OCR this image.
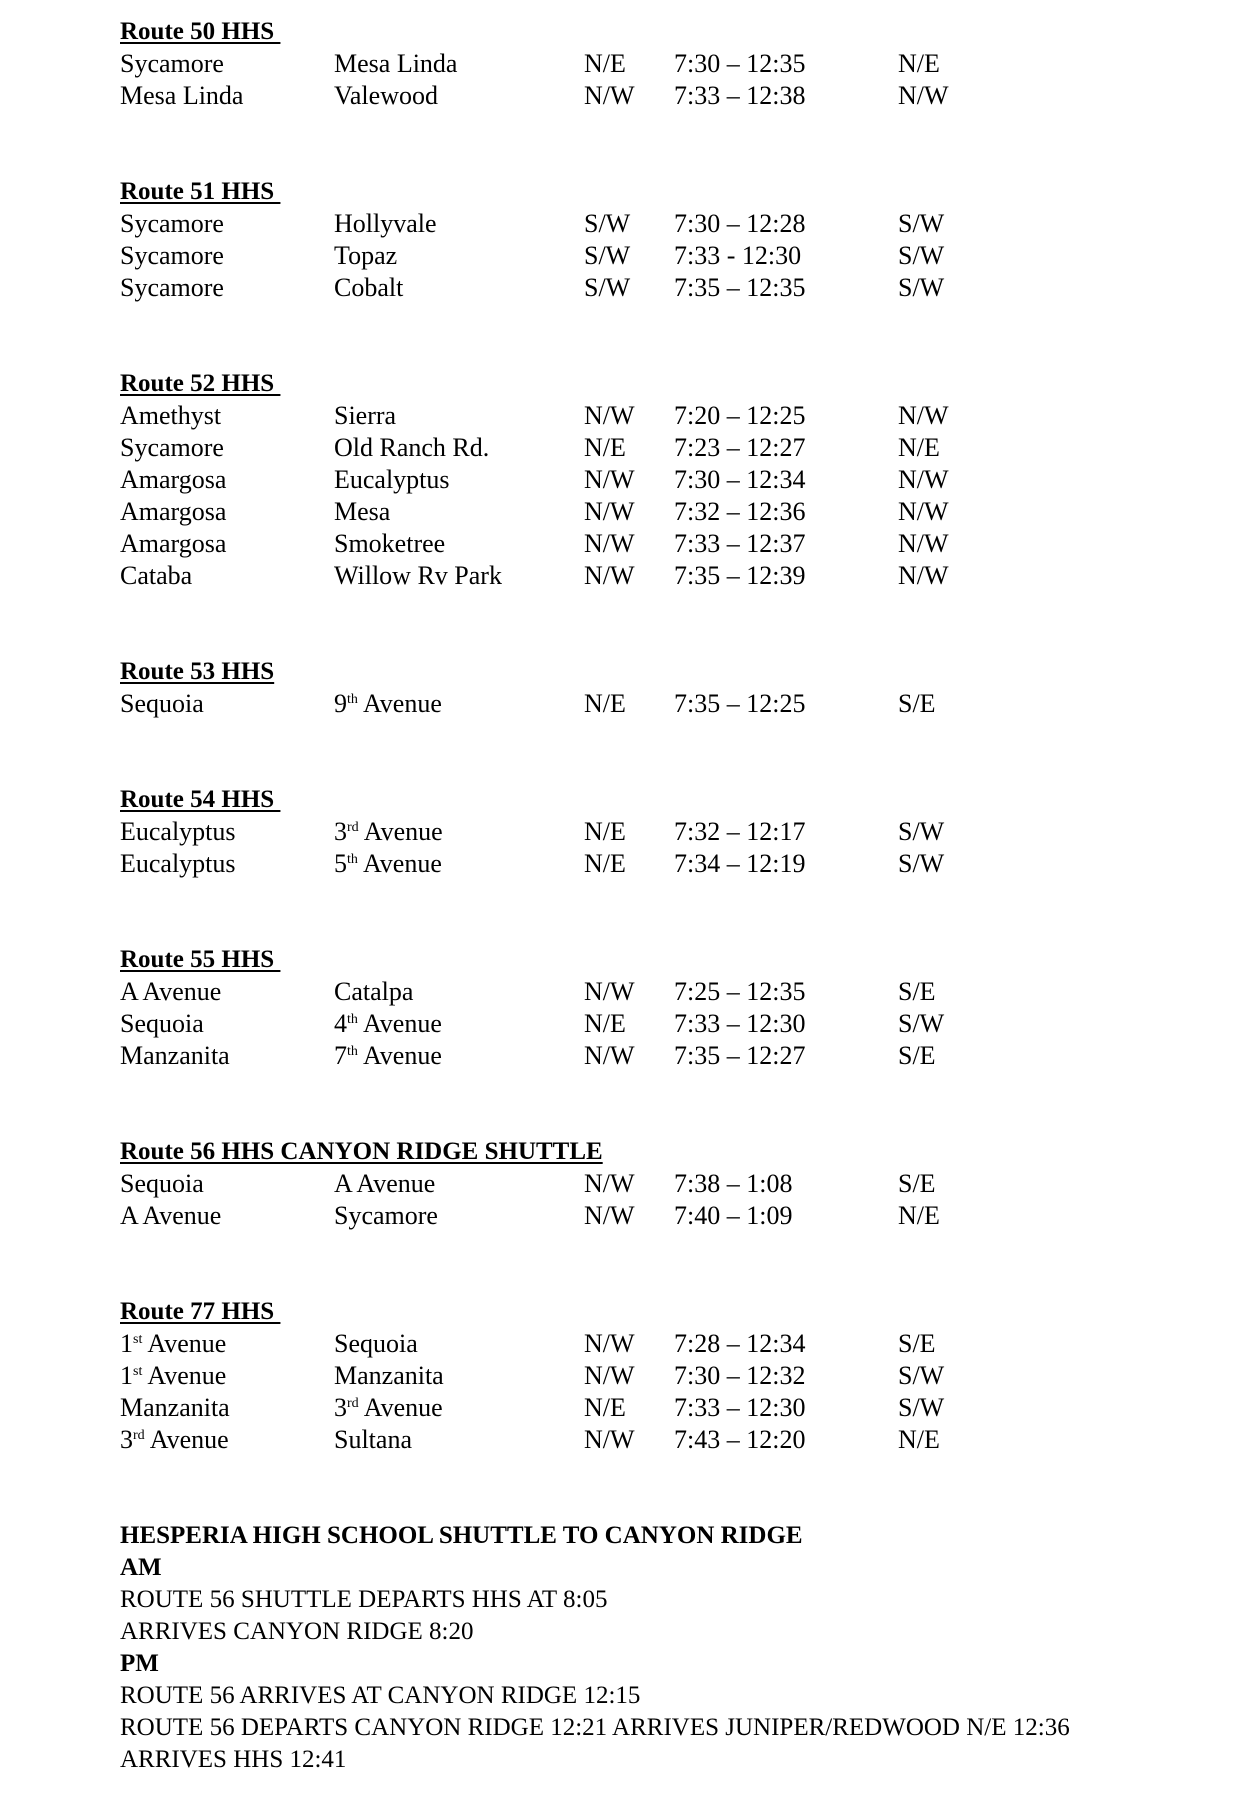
Route 50 HHS
Sycamore	Mesa Linda	N/E 7:30 – 12:35	N/E
Mesa Linda	Valewood	N/W 7:33 – 12:38	N/W
Route 51 HHS
Sycamore	Hollyvale	S/W 7:30 – 12:28	S/W
Sycamore	Topaz	S/W 7:33 - 12:30	S/W
Sycamore	Cobalt	S/W 7:35 – 12:35	S/W
Route 52 HHS
Amethyst	Sierra	N/W 7:20 – 12:25	N/W
Sycamore	Old Ranch Rd.	N/E 7:23 – 12:27	N/E
Amargosa	Eucalyptus	N/W 7:30 – 12:34	N/W
Amargosa	Mesa	N/W 7:32 – 12:36	N/W
Amargosa	Smoketree	N/W 7:33 – 12:37	N/W
Cataba	Willow Rv Park	N/W 7:35 – 12:39	N/W
Route 53 HHS
Sequoia	9th Avenue	N/E 7:35 – 12:25	S/E
Route 54 HHS
Eucalyptus	3rd Avenue	N/E 7:32 – 12:17	S/W
Eucalyptus	5th Avenue	N/E 7:34 – 12:19	S/W
Route 55 HHS
A Avenue	Catalpa	N/W 7:25 – 12:35	S/E
Sequoia	4th Avenue	N/E 7:33 – 12:30	S/W
Manzanita	7th Avenue	N/W 7:35 – 12:27	S/E
Route 56 HHS CANYON RIDGE SHUTTLE
Sequoia	A Avenue	N/W 7:38 – 1:08	S/E
A Avenue	Sycamore	N/W 7:40 – 1:09	N/E
Route 77 HHS
1st Avenue	Sequoia	N/W 7:28 – 12:34	S/E
1st Avenue	Manzanita	N/W 7:30 – 12:32	S/W
Manzanita	3rd Avenue	N/E 7:33 – 12:30	S/W
3rd Avenue	Sultana	N/W 7:43 – 12:20	N/E
HESPERIA HIGH SCHOOL SHUTTLE TO CANYON RIDGE
AM
ROUTE 56 SHUTTLE DEPARTS HHS AT 8:05
ARRIVES CANYON RIDGE 8:20
PM
ROUTE 56 ARRIVES AT CANYON RIDGE 12:15
ROUTE 56 DEPARTS CANYON RIDGE 12:21 ARRIVES JUNIPER/REDWOOD N/E 12:36
ARRIVES HHS 12:41
